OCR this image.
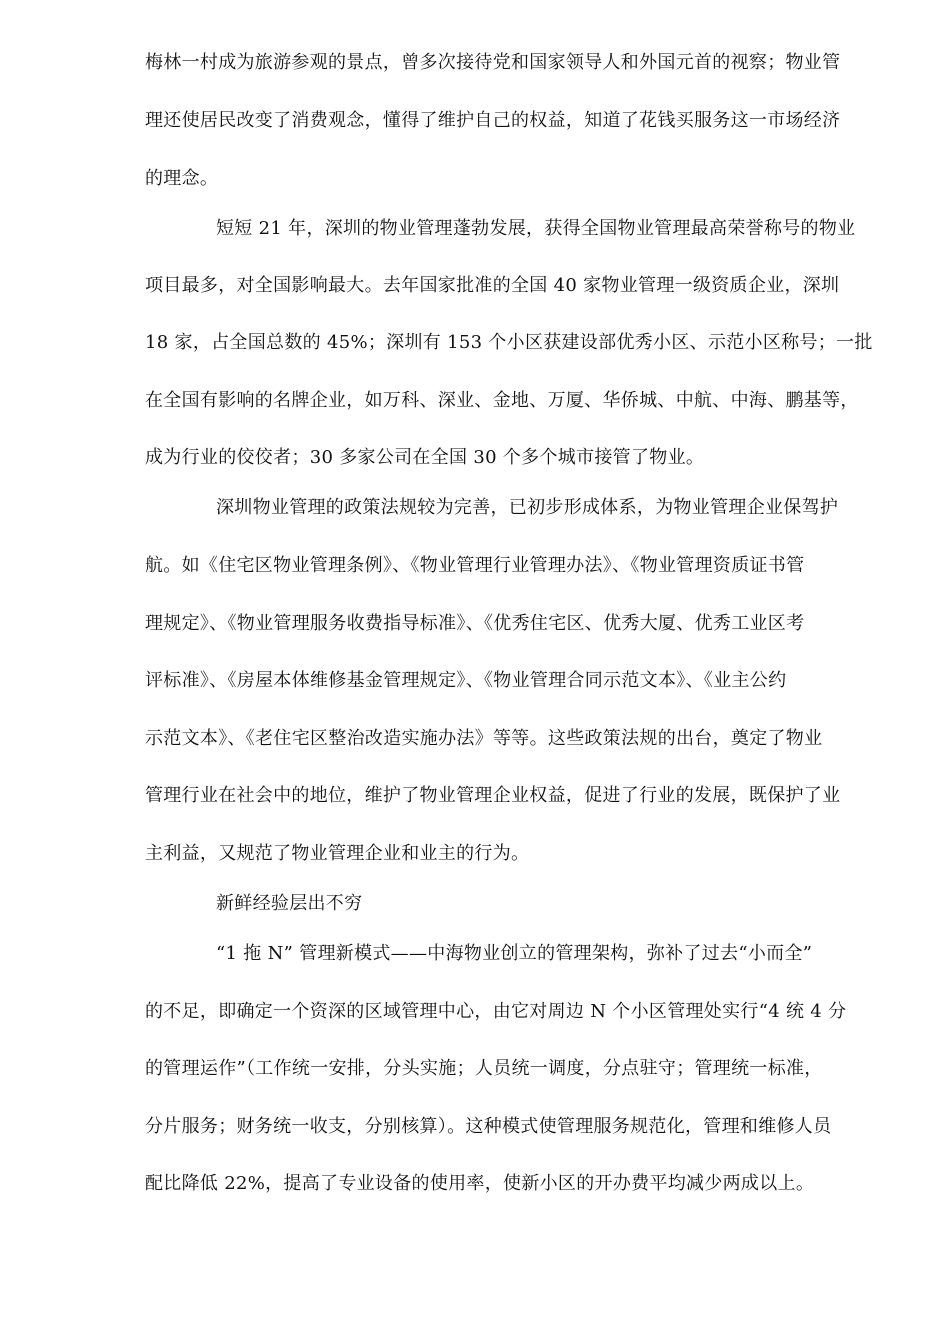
梅林一村成为旅游参观的景点，曾多次接待党和国家领导人和外国元首的视察；物业管
理还使居民改变了消费观念，懂得了维护自己的权益，知道了花钱买服务这一市场经济
的理念。
短短 21 年，深圳的物业管理蓬勃发展，获得全国物业管理最高荣誉称号的物业
项目最多，对全国影响最大。去年国家批准的全国 40 家物业管理一级资质企业，深圳
18 家，占全国总数的 45%；深圳有 153 个小区获建设部优秀小区、示范小区称号；一批
在全国有影响的名牌企业，如万科、深业、金地、万厦、华侨城、中航、中海、鹏基等，
成为行业的佼佼者；30 多家公司在全国 30 个多个城市接管了物业。
深圳物业管理的政策法规较为完善，已初步形成体系，为物业管理企业保驾护
航。如《住宅区物业管理条例》、《物业管理行业管理办法》、《物业管理资质证书管
理规定》、《物业管理服务收费指导标准》、《优秀住宅区、优秀大厦、优秀工业区考
评标准》、《房屋本体维修基金管理规定》、《物业管理合同示范文本》、《业主公约
示范文本》、《老住宅区整治改造实施办法》等等。这些政策法规的出台，奠定了物业
管理行业在社会中的地位，维护了物业管理企业权益，促进了行业的发展，既保护了业
主利益，又规范了物业管理企业和业主的行为。
新鲜经验层出不穷
“1 拖 N” 管理新模式——中海物业创立的管理架构，弥补了过去“小而全”
的不足，即确定一个资深的区域管理中心，由它对周边 N 个小区管理处实行“4 统 4 分
的管理运作”（工作统一安排，分头实施；人员统一调度，分点驻守；管理统一标准，
分片服务；财务统一收支，分别核算）。这种模式使管理服务规范化，管理和维修人员
配比降低 22%，提高了专业设备的使用率，使新小区的开办费平均减少两成以上。
